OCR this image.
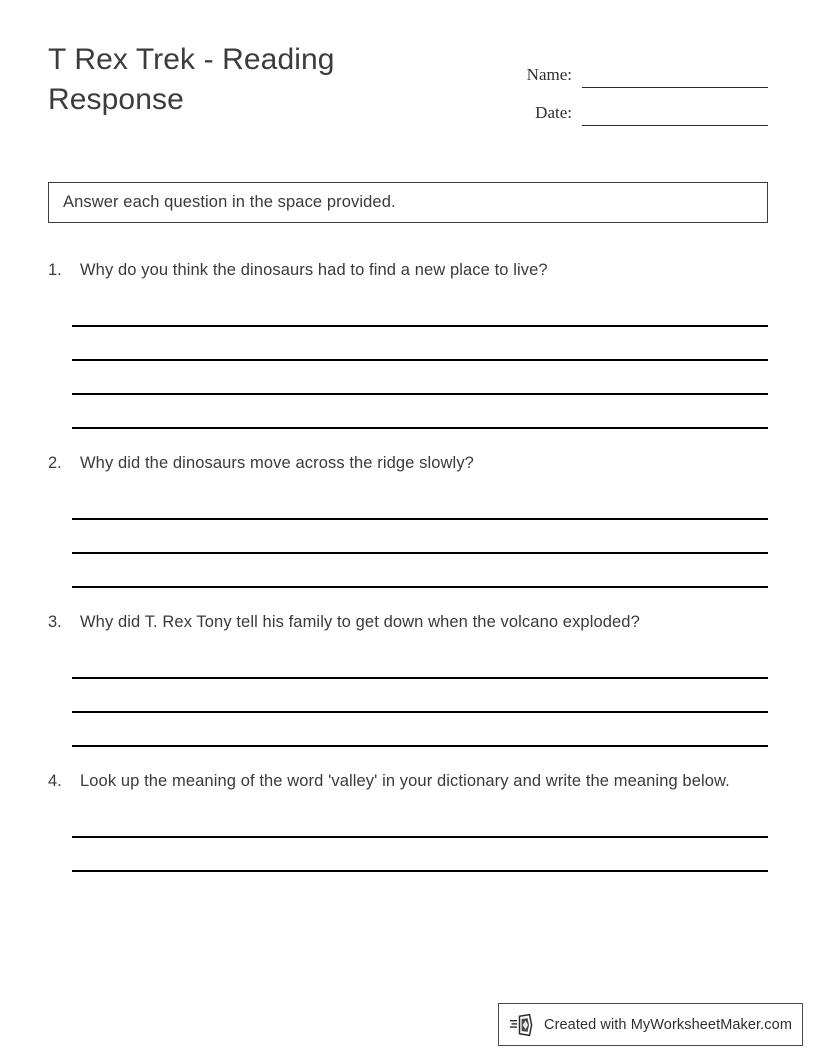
T Rex Trek - Reading Response
Name:
Date:
Answer each question in the space provided.
1.	Why do you think the dinosaurs had to find a new place to live?
2.	Why did the dinosaurs move across the ridge slowly?
3.	Why did T. Rex Tony tell his family to get down when the volcano exploded?
4.	Look up the meaning of the word 'valley' in your dictionary and write the meaning below.
Created with MyWorksheetMaker.com
